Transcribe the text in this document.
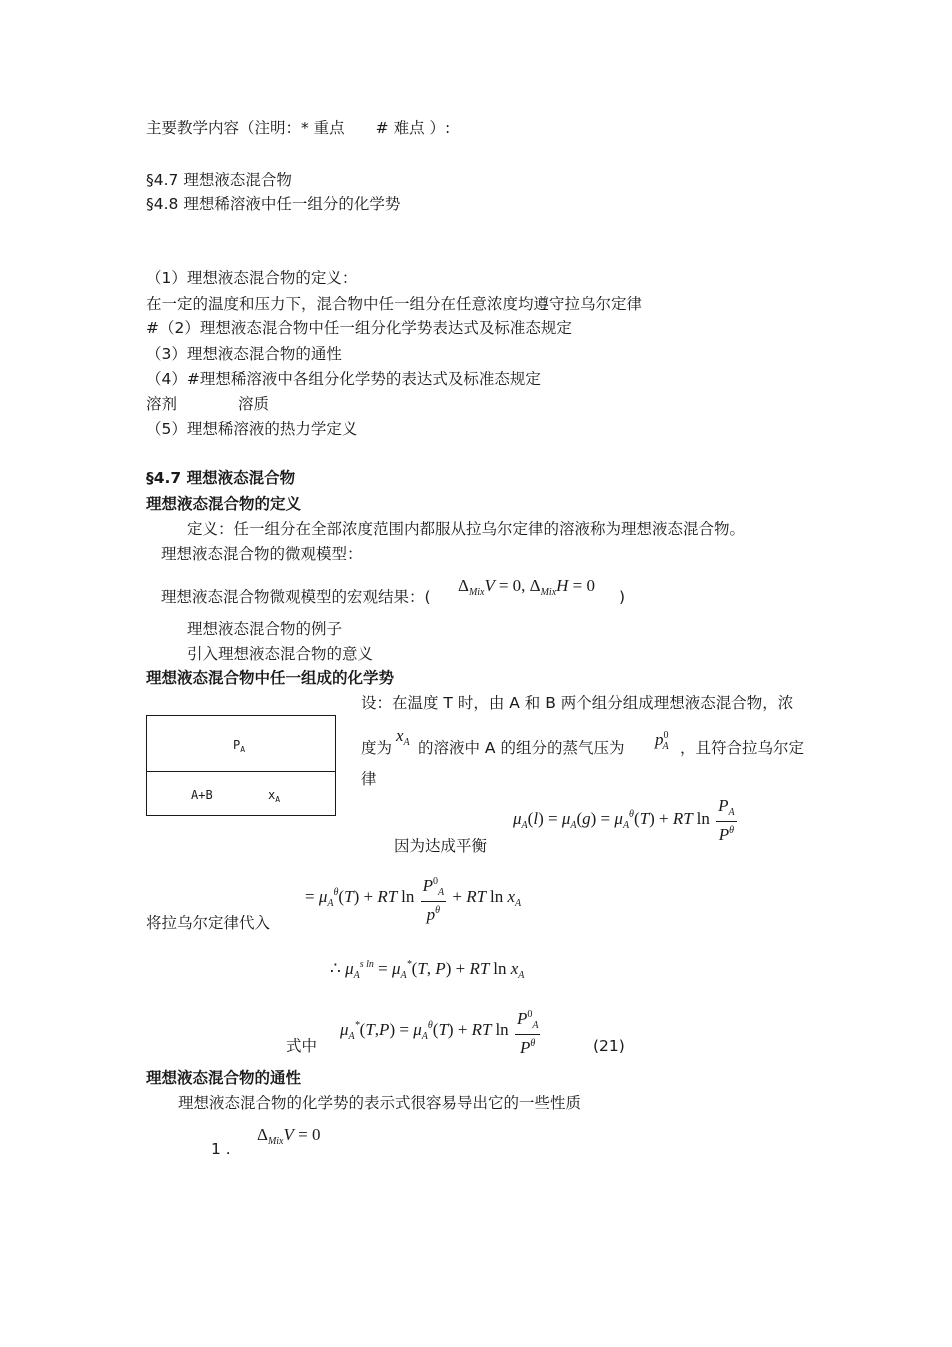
主要教学内容（注明：* 重点　　# 难点 ）:
§4.7 理想液态混合物
§4.8 理想稀溶液中任一组分的化学势
（1）理想液态混合物的定义：
在一定的温度和压力下，混合物中任一组分在任意浓度均遵守拉乌尔定律
#（2）理想液态混合物中任一组分化学势表达式及标准态规定
（3）理想液态混合物的通性
（4）#理想稀溶液中各组分化学势的表达式及标准态规定
溶剂	溶质
（5）理想稀溶液的热力学定义
§4.7 理想液态混合物
理想液态混合物的定义
定义：任一组分在全部浓度范围内都服从拉乌尔定律的溶液称为理想液态混合物。
理想液态混合物的微观模型：
理想液态混合物微观模型的宏观结果：(
$\Delta_{Mix}V = 0$, $\Delta_{Mix}H = 0$
)
理想液态混合物的例子
引入理想液态混合物的意义
理想液态混合物中任一组成的化学势
$P_A$
A+B	$x_A$
设：在温度 T 时，由 A 和 B 两个组分组成理想液态混合物，浓
度为
$x_A$ 的溶液中 A 的组分的蒸气压为 $p^0_A$ ，且符合拉乌尔定
律
$\mu_A(l) = \mu_A(g) = \mu_A^\theta(T)$ + RT $\ln \frac{P_A}{P^\theta}$
因为达成平衡
= $\mu_A^\theta(T)$ + RT $\ln \frac{P^0_A}{p^\theta}$ + RT $\ln x_A$
将拉乌尔定律代入
∴ $\mu_A^{s ln} = \mu_A^*(T$, P) + RT $\ln x_A$
$\mu_A^*(T,P) = \mu_A^\theta(T)$ + RT $\ln \frac{P^0_A}{P^\theta}$
式中	(21)
理想液态混合物的通性
理想液态混合物的化学势的表示式很容易导出它的一些性质
1 .
$\Delta_{Mix}V = 0$
